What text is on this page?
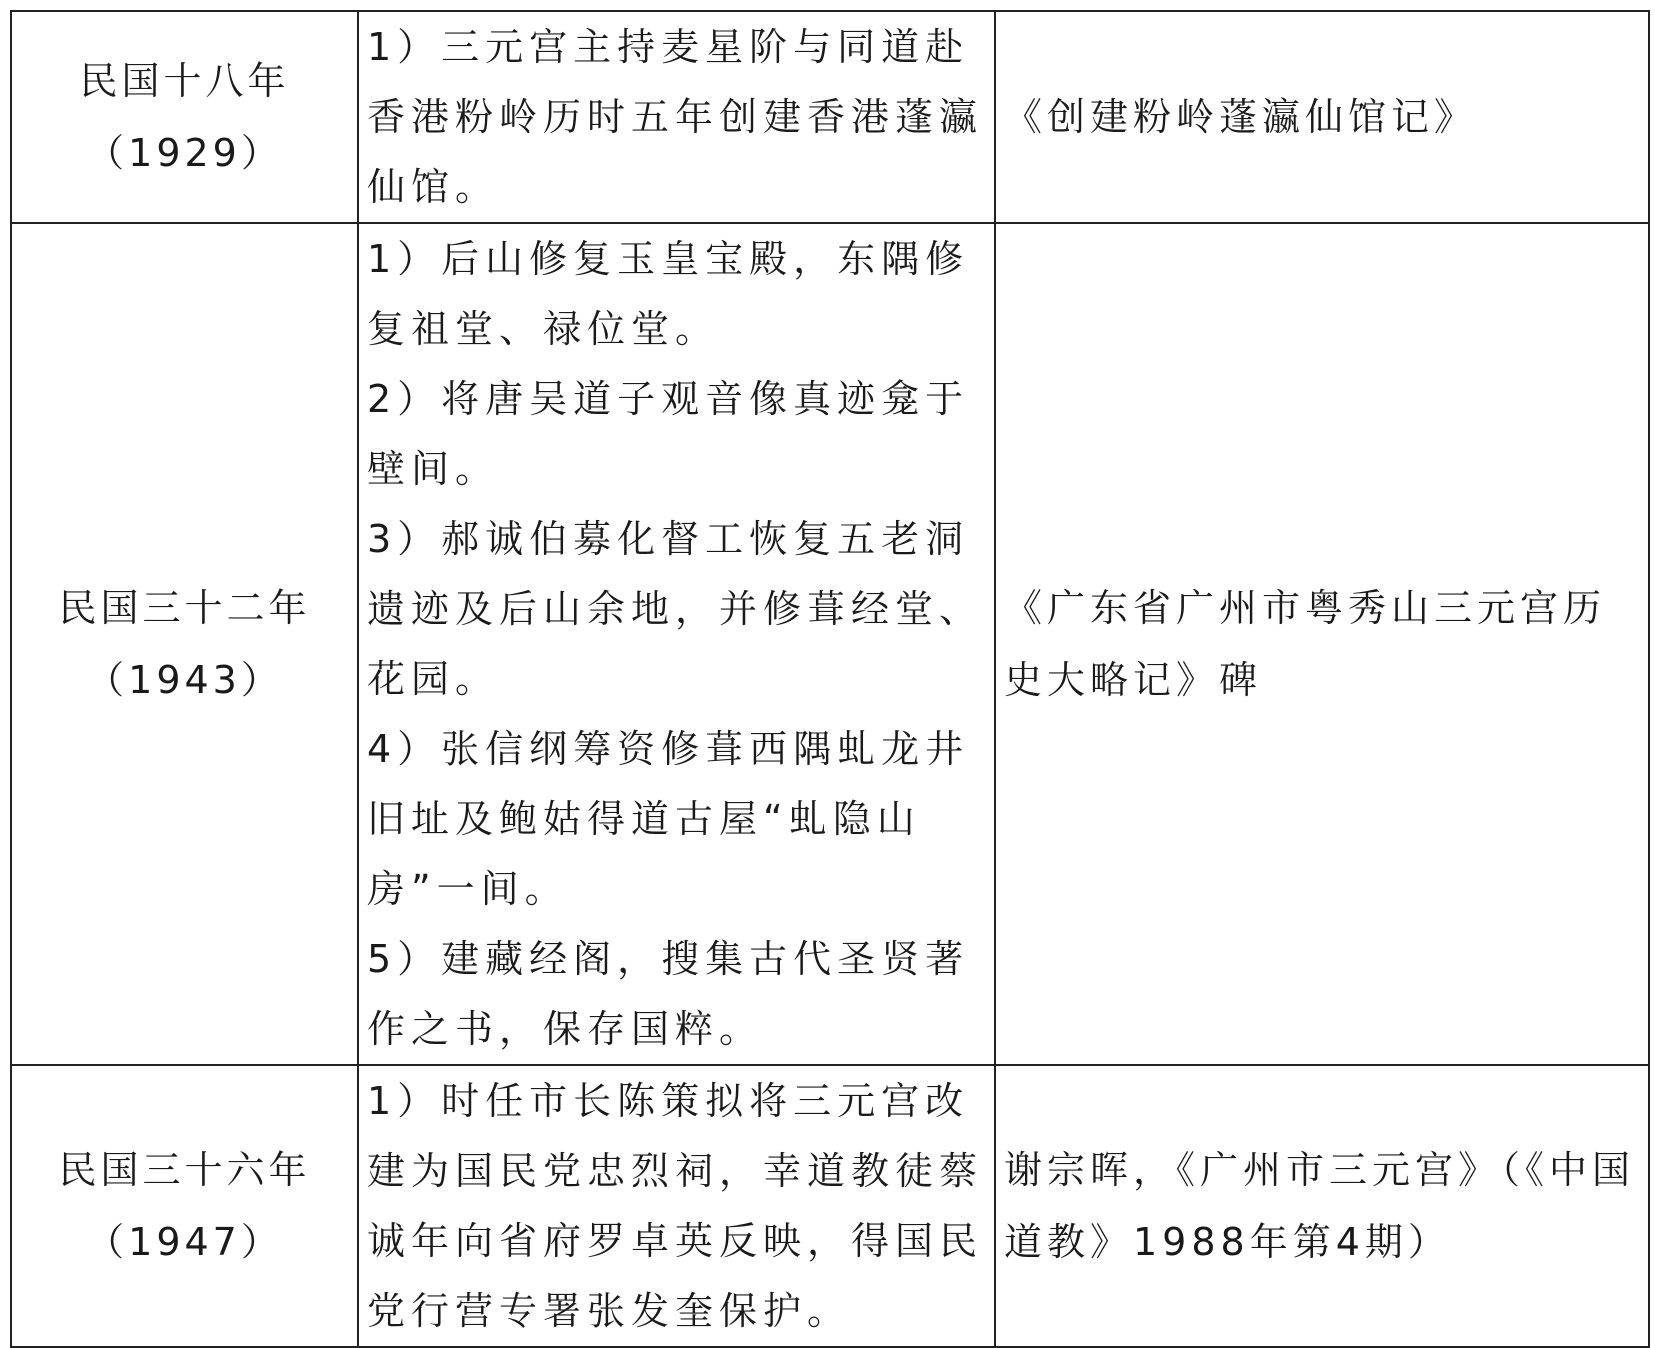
民国十八年
（1929）	1）三元宫主持麦星阶与同道赴香港粉岭历时五年创建香港蓬瀛仙馆。	《创建粉岭蓬瀛仙馆记》

民国三十二年
（1943）	1）后山修复玉皇宝殿，东隅修复祖堂、禄位堂。
2）将唐吴道子观音像真迹龛于壁间。
3）郝诚伯募化督工恢复五老洞遗迹及后山余地，并修葺经堂、花园。
4）张信纲筹资修葺西隅虬龙井旧址及鲍姑得道古屋“虬隐山房”一间。
5）建藏经阁，搜集古代圣贤著作之书，保存国粹。	《广东省广州市粤秀山三元宫历史大略记》碑

民国三十六年
（1947）	1）时任市长陈策拟将三元宫改建为国民党忠烈祠，幸道教徒蔡诚年向省府罗卓英反映，得国民党行营专署张发奎保护。	谢宗晖，《广州市三元宫》（《中国道教》1988年第4期）
